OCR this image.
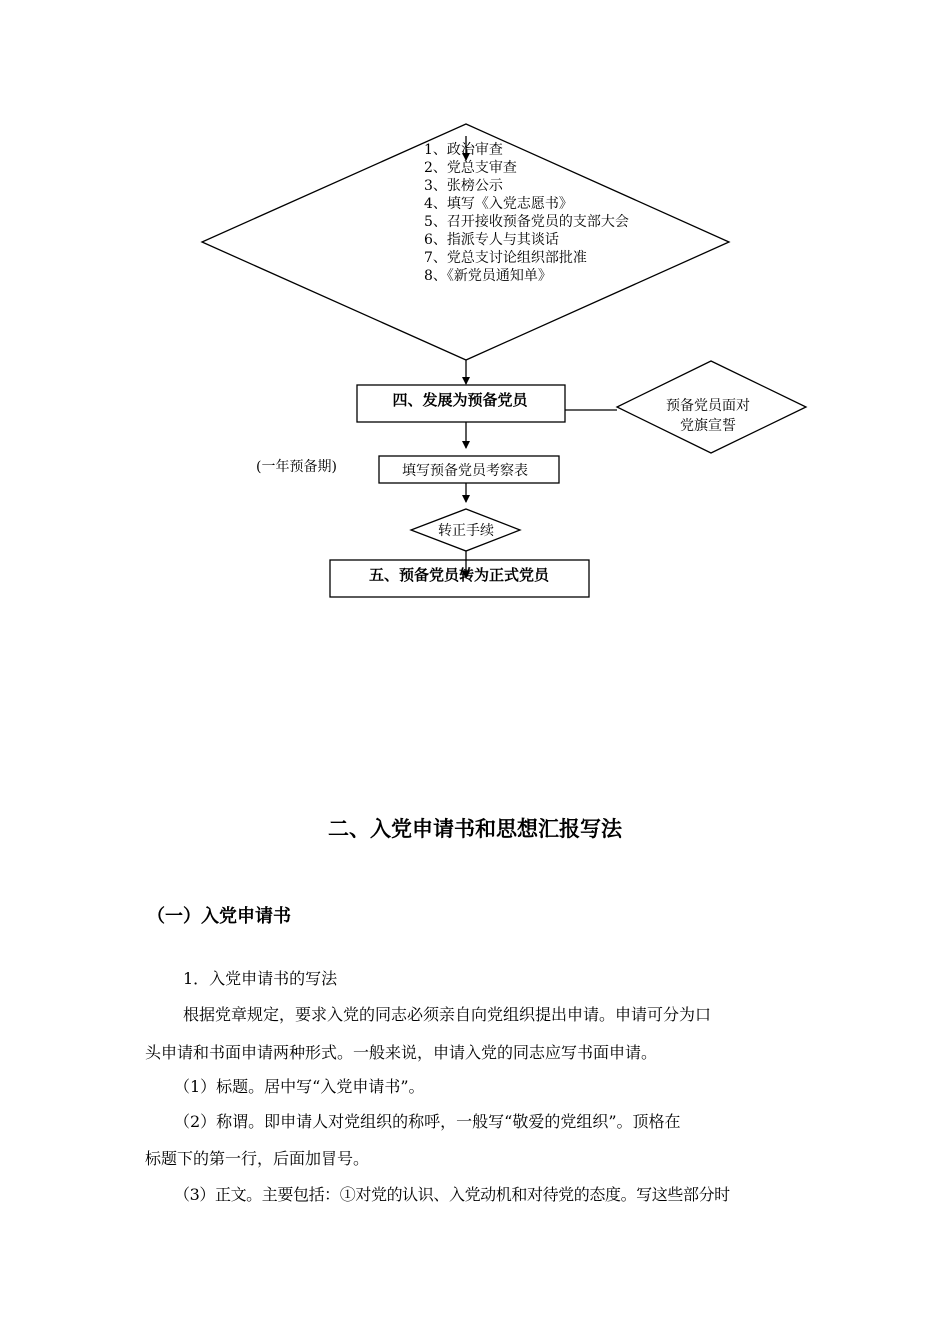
1、政治审查
2、党总支审查
3、张榜公示
4、填写《入党志愿书》
5、召开接收预备党员的支部大会
6、指派专人与其谈话
7、党总支讨论组织部批准
8、《新党员通知单》
四、发展为预备党员	预备党员面对
党旗宣誓
(一年预备期)	填写预备党员考察表
转正手续
五、预备党员转为正式党员
二、入党申请书和思想汇报写法
（一）入党申请书

1．入党申请书的写法

根据党章规定，要求入党的同志必须亲自向党组织提出申请。申请可分为口

头申请和书面申请两种形式。一般来说，申请入党的同志应写书面申请。

（1）标题。居中写“入党申请书”。

（2）称谓。即申请人对党组织的称呼，一般写“敬爱的党组织”。顶格在

标题下的第一行，后面加冒号。

（3）正文。主要包括：①对党的认识、入党动机和对待党的态度。写这些部分时
